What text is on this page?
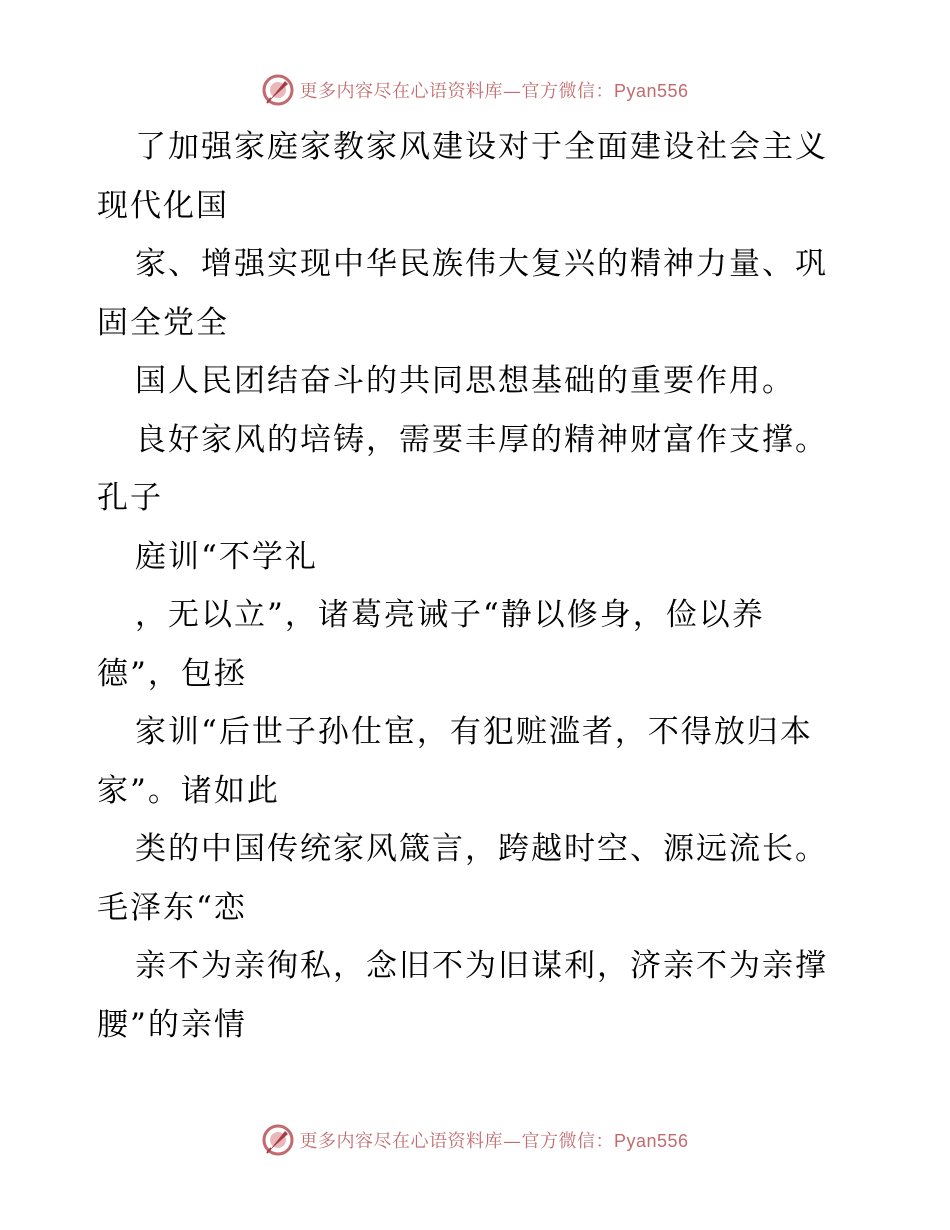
更多内容尽在心语资料库—官方微信：Pyan556

了加强家庭家教家风建设对于全面建设社会主义

现代化国

家、增强实现中华民族伟大复兴的精神力量、巩

固全党全

国人民团结奋斗的共同思想基础的重要作用。

良好家风的培铸，需要丰厚的精神财富作支撑。

孔子

庭训“不学礼

，无以立”，诸葛亮诫子“静以修身，俭以养

德”，包拯

家训“后世子孙仕宦，有犯赃滥者，不得放归本

家”。诸如此

类的中国传统家风箴言，跨越时空、源远流长。

毛泽东“恋

亲不为亲徇私，念旧不为旧谋利，济亲不为亲撑

腰”的亲情

更多内容尽在心语资料库—官方微信：Pyan556
